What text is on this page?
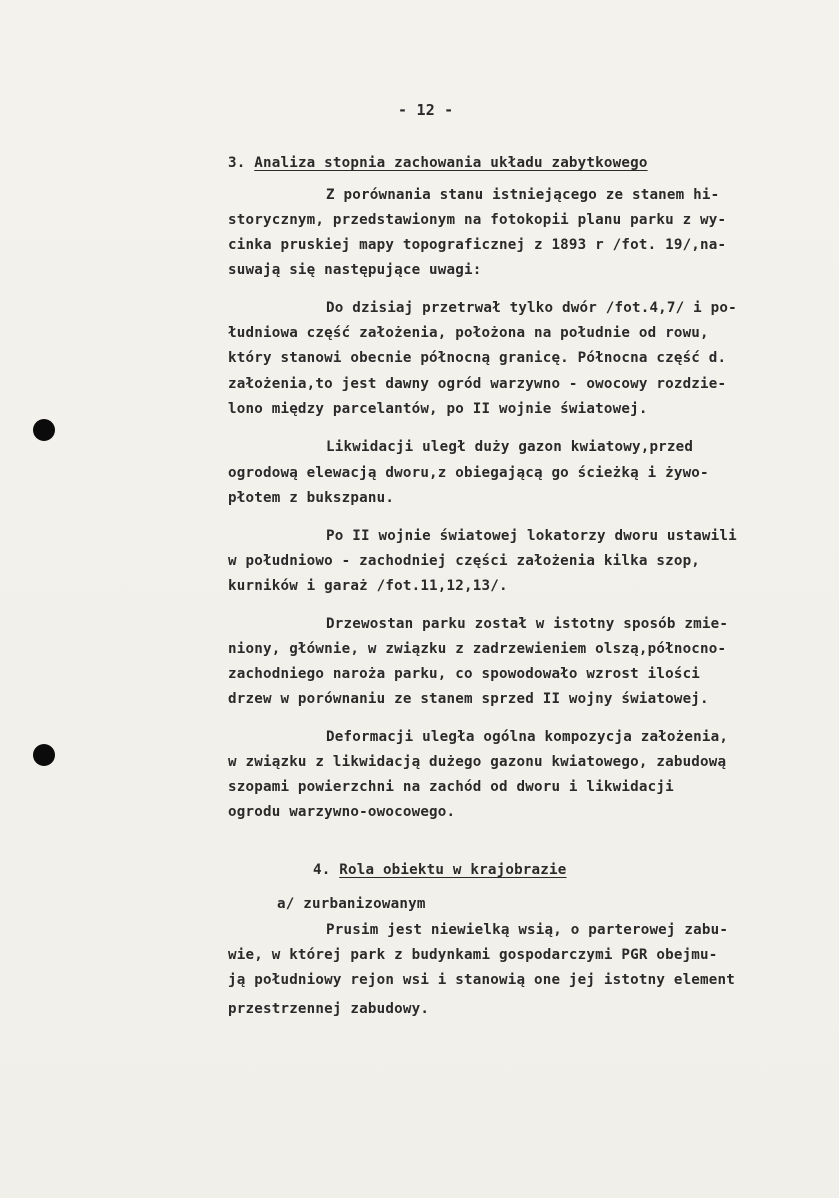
- 12 -
3. Analiza stopnia zachowania układu zabytkowego
Z porównania stanu istniejącego ze stanem hi-
storycznym, przedstawionym na fotokopii planu parku z wy-
cinka pruskiej mapy topograficznej z 1893 r /fot. 19/,na-
suwają się następujące uwagi:
Do dzisiaj przetrwał tylko dwór /fot.4,7/ i po-
łudniowa część założenia, położona na południe od rowu,
który stanowi obecnie północną granicę. Północna część d.
założenia,to jest dawny ogród warzywno - owocowy rozdzie-
lono między parcelantów, po II wojnie światowej.
Likwidacji uległ duży gazon kwiatowy,przed
ogrodową elewacją dworu,z obiegającą go ścieżką i żywo-
płotem z bukszpanu.
Po II wojnie światowej lokatorzy dworu ustawili
w południowo - zachodniej części założenia kilka szop,
kurników i garaż /fot.11,12,13/.
Drzewostan parku został w istotny sposób zmie-
niony, głównie, w związku z zadrzewieniem olszą,północno-
zachodniego naroża parku, co spowodowało wzrost ilości
drzew w porównaniu ze stanem sprzed II wojny światowej.
Deformacji uległa ogólna kompozycja założenia,
w związku z likwidacją dużego gazonu kwiatowego, zabudową
szopami powierzchni na zachód od dworu i likwidacji
ogrodu warzywno-owocowego.
4. Rola obiektu w krajobrazie
a/ zurbanizowanym
Prusim jest niewielką wsią, o parterowej zabu-
wie, w której park z budynkami gospodarczymi PGR obejmu-
ją południowy rejon wsi i stanowią one jej istotny element
przestrzennej zabudowy.
